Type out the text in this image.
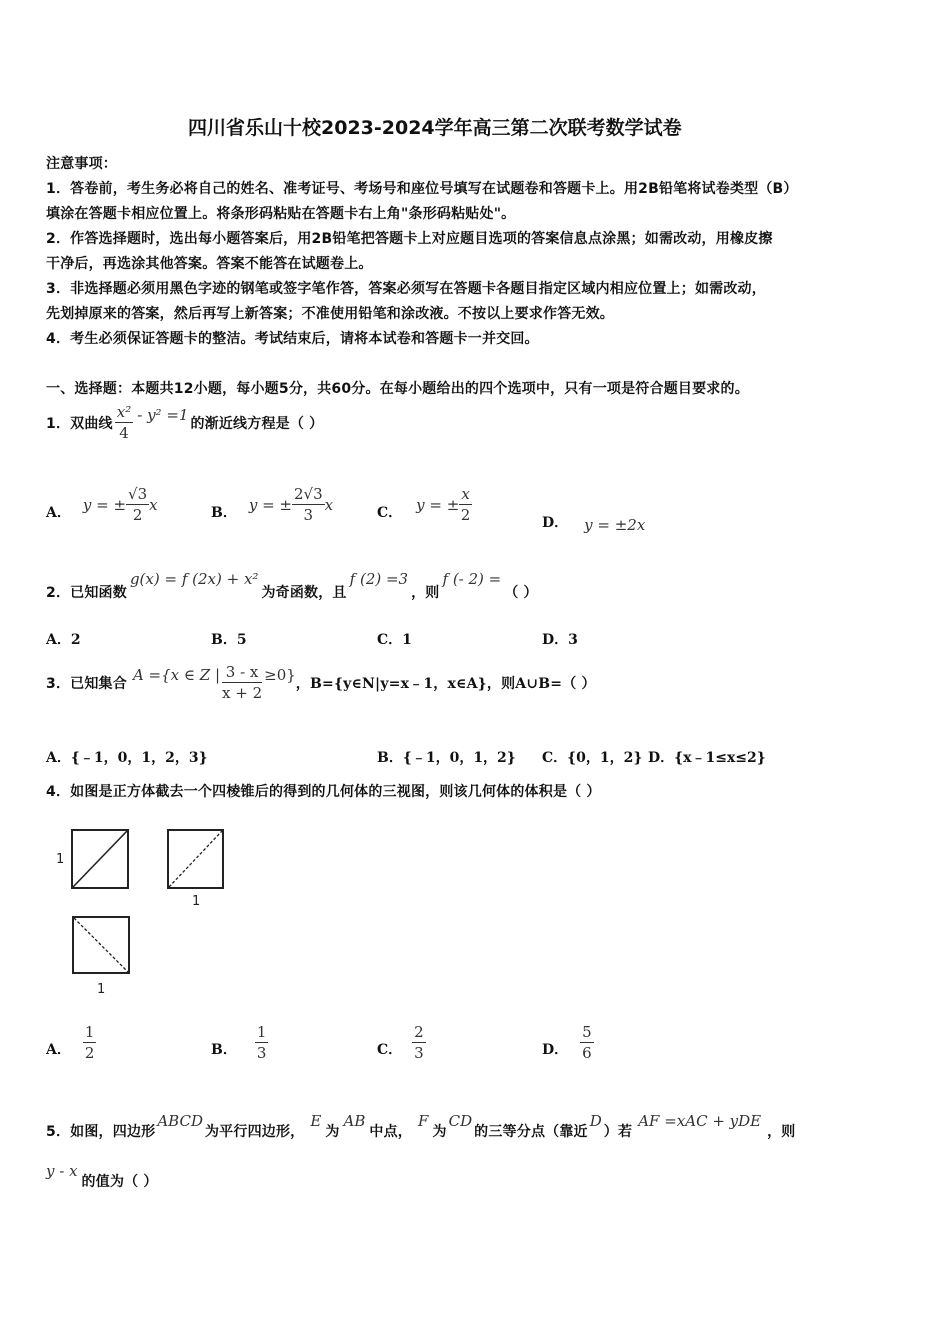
四川省乐山十校2023-2024学年高三第二次联考数学试卷
注意事项：
1．答卷前，考生务必将自己的姓名、准考证号、考场号和座位号填写在试题卷和答题卡上。用2B铅笔将试卷类型（B）
填涂在答题卡相应位置上。将条形码粘贴在答题卡右上角"条形码粘贴处"。
2．作答选择题时，选出每小题答案后，用2B铅笔把答题卡上对应题目选项的答案信息点涂黑；如需改动，用橡皮擦
干净后，再选涂其他答案。答案不能答在试题卷上。
3．非选择题必须用黑色字迹的钢笔或签字笔作答，答案必须写在答题卡各题目指定区域内相应位置上；如需改动，
先划掉原来的答案，然后再写上新答案；不准使用铅笔和涂改液。不按以上要求作答无效。
4．考生必须保证答题卡的整洁。考试结束后，请将本试卷和答题卡一并交回。
一、选择题：本题共12小题，每小题5分，共60分。在每小题给出的四个选项中，只有一项是符合题目要求的。
1．双曲线 $\frac{\text{x²}}{4} - y^2 =1$ 的渐近线方程是（ ）
A． y = ± $\frac{√3}{2}$ x	B． y = ± $\frac{2√3}{3}$ x	C． y = ± $\frac{x}{2}$	D． y = ±2x
2．已知函数
g(x) = f (2x) + x²
为奇函数，且
f (2) =3
，则
f (- 2) =
（ ）
A．2	B．5	C．1	D．3
3．已知集合 A ={x ∈ Z | $\frac{3 - x}{x + 2} \ge 0$} ，B={y∈N|y=x﹣1，x∈A}，则A∪B=（ ）
A．{﹣1，0，1，2，3}	B．{﹣1，0，1，2} C．{0，1，2} D．{x﹣1≤x≤2}
4．如图是正方体截去一个四棱锥后的得到的几何体的三视图，则该几何体的体积是（ ）
1
1
1
A． $\frac{1}{2}$	B． $\frac{1}{3}$	C． $\frac{2}{3}$	D． $\frac{5}{6}$
5．如图，四边形
ABCD
为平行四边形，
E
为
AB
中点，
F
为
CD
的三等分点（靠近
D
）若
AF =xAC + yDE
，则
y - x
的值为（ ）
